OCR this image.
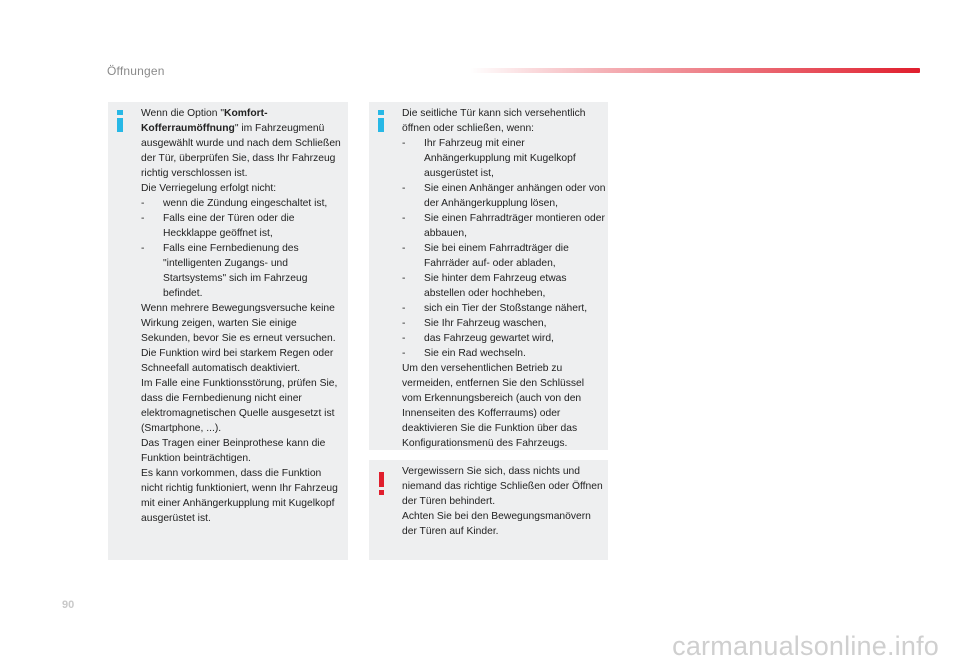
Öffnungen
Wenn die Option "Komfort-Kofferraumöffnung" im Fahrzeugmenü ausgewählt wurde und nach dem Schließen der Tür, überprüfen Sie, dass Ihr Fahrzeug richtig verschlossen ist.
Die Verriegelung erfolgt nicht:
- wenn die Zündung eingeschaltet ist,
- Falls eine der Türen oder die Heckklappe geöffnet ist,
- Falls eine Fernbedienung des "intelligenten Zugangs- und Startsystems" sich im Fahrzeug befindet.
Wenn mehrere Bewegungsversuche keine Wirkung zeigen, warten Sie einige Sekunden, bevor Sie es erneut versuchen.
Die Funktion wird bei starkem Regen oder Schneefall automatisch deaktiviert.
Im Falle eine Funktionsstörung, prüfen Sie, dass die Fernbedienung nicht einer elektromagnetischen Quelle ausgesetzt ist (Smartphone, ...).
Das Tragen einer Beinprothese kann die Funktion beinträchtigen.
Es kann vorkommen, dass die Funktion nicht richtig funktioniert, wenn Ihr Fahrzeug mit einer Anhängerkupplung mit Kugelkopf ausgerüstet ist.
Die seitliche Tür kann sich versehentlich öffnen oder schließen, wenn:
- Ihr Fahrzeug mit einer Anhängerkupplung mit Kugelkopf ausgerüstet ist,
- Sie einen Anhänger anhängen oder von der Anhängerkupplung lösen,
- Sie einen Fahrradträger montieren oder abbauen,
- Sie bei einem Fahrradträger die Fahrräder auf- oder abladen,
- Sie hinter dem Fahrzeug etwas abstellen oder hochheben,
- sich ein Tier der Stoßstange nähert,
- Sie Ihr Fahrzeug waschen,
- das Fahrzeug gewartet wird,
- Sie ein Rad wechseln.
Um den versehentlichen Betrieb zu vermeiden, entfernen Sie den Schlüssel vom Erkennungsbereich (auch von den Innenseiten des Kofferraums) oder deaktivieren Sie die Funktion über das Konfigurationsmenü des Fahrzeugs.
Vergewissern Sie sich, dass nichts und niemand das richtige Schließen oder Öffnen der Türen behindert.
Achten Sie bei den Bewegungsmanövern der Türen auf Kinder.
90
carmanualsonline.info
